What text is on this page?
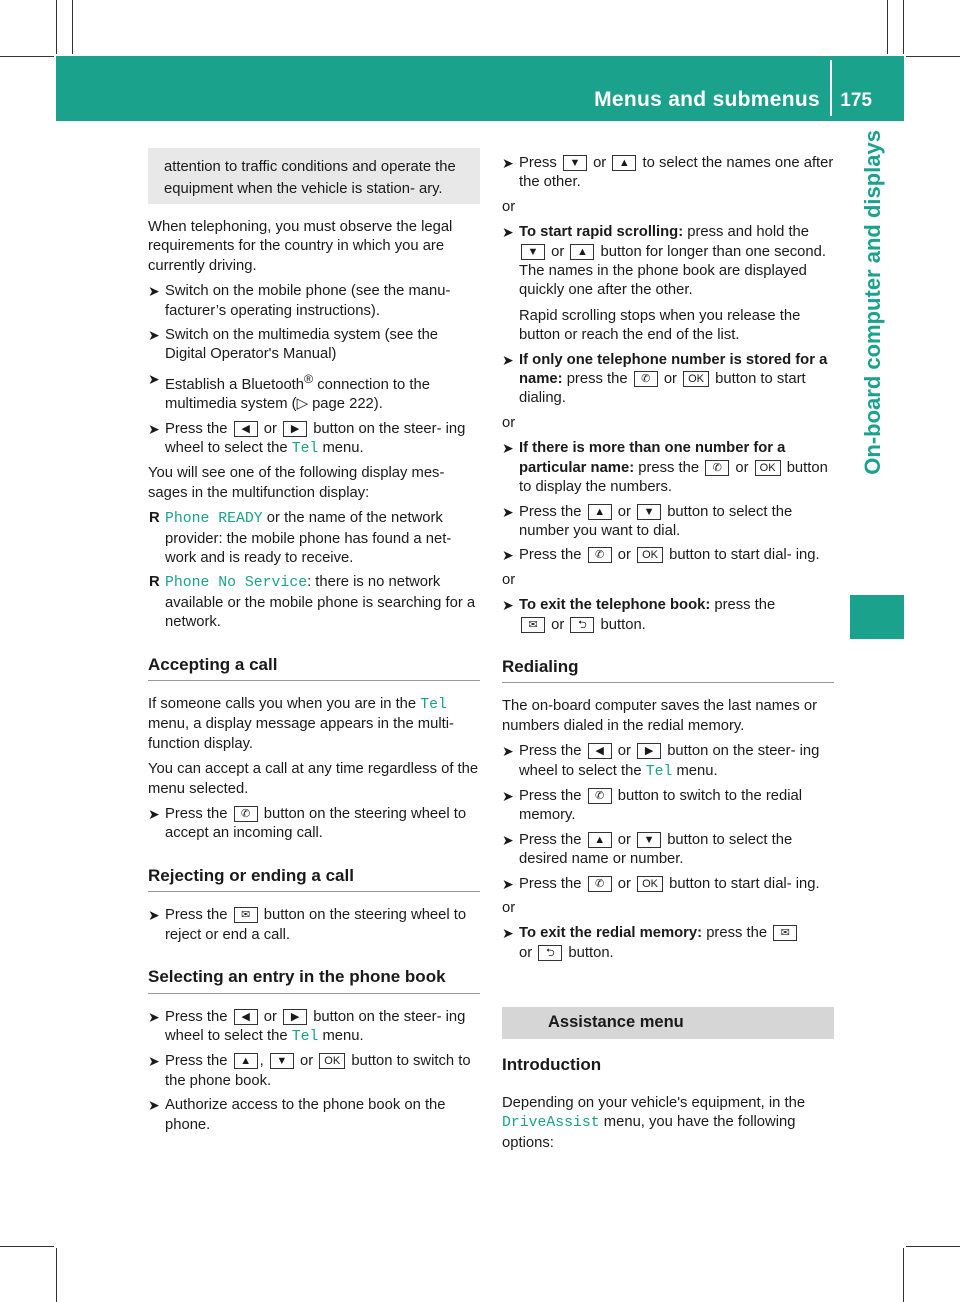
Menus and submenus 175
On-board computer and displays
attention to traffic conditions and operate the equipment when the vehicle is station- ary.

When telephoning, you must observe the legal requirements for the country in which you are currently driving.

➤ Switch on the mobile phone (see the manu- facturer’s operating instructions).
➤ Switch on the multimedia system (see the Digital Operator's Manual)
➤ Establish a Bluetooth® connection to the multimedia system (▷ page 222).
➤ Press the ◀ or ▶ button on the steer- ing wheel to select the Tel menu.

You will see one of the following display mes- sages in the multifunction display:

R Phone READY or the name of the network provider: the mobile phone has found a net- work and is ready to receive.
R Phone No Service: there is no network available or the mobile phone is searching for a network.
Accepting a call

If someone calls you when you are in the Tel menu, a display message appears in the multi- function display.

You can accept a call at any time regardless of the menu selected.

➤ Press the ✆ button on the steering wheel to accept an incoming call.
Rejecting or ending a call
➤ Press the ✉ button on the steering wheel to reject or end a call.
Selecting an entry in the phone book
➤ Press the ◀ or ▶ button on the steer- ing wheel to select the Tel menu.
➤ Press the ▲ , ▼ or OK button to switch to the phone book.
➤ Authorize access to the phone book on the phone.
➤ Press ▼ or ▲ to select the names one after the other.

or

➤ To start rapid scrolling: press and hold the ▼ or ▲ button for longer than one second.
The names in the phone book are displayed quickly one after the other.
Rapid scrolling stops when you release the button or reach the end of the list.
➤ If only one telephone number is stored for a name: press the ✆ or OK button to start dialing.

or

➤ If there is more than one number for a particular name: press the ✆ or OK button to display the numbers.
➤ Press the ▲ or ▼ button to select the number you want to dial.
➤ Press the ✆ or OK button to start dial- ing.

or

➤ To exit the telephone book: press the
✉ or ⮌ button.
Redialing

The on-board computer saves the last names or numbers dialed in the redial memory.

➤ Press the ◀ or ▶ button on the steer- ing wheel to select the Tel menu.
➤ Press the ✆ button to switch to the redial memory.
➤ Press the ▲ or ▼ button to select the desired name or number.
➤ Press the ✆ or OK button to start dial- ing.

or

➤ To exit the redial memory: press the ✉
or ⮌ button.
Assistance menu
Introduction

Depending on your vehicle's equipment, in the DriveAssist menu, you have the following options:
